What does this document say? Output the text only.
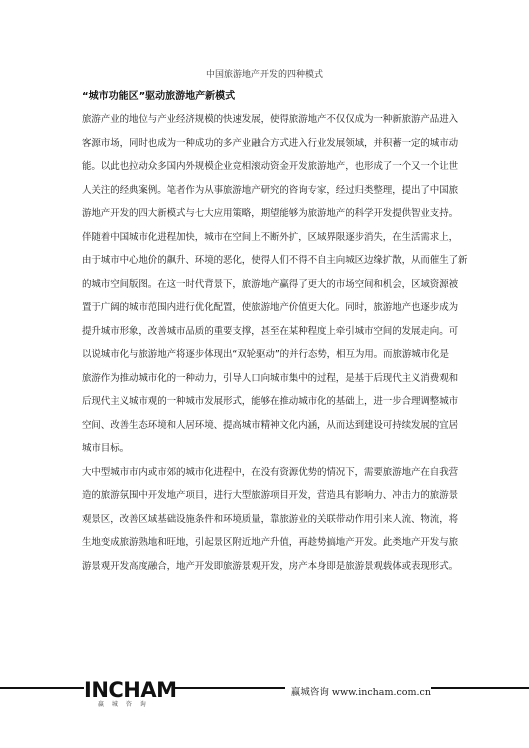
中国旅游地产开发的四种模式
“城市功能区”驱动旅游地产新模式

旅游产业的地位与产业经济规模的快速发展，使得旅游地产不仅仅成为一种新旅游产品进入
客源市场，同时也成为一种成功的多产业融合方式进入行业发展领域，并积蓄一定的城市动
能。以此也拉动众多国内外规模企业竞相滚动资金开发旅游地产，也形成了一个又一个让世
人关注的经典案例。笔者作为从事旅游地产研究的咨询专家，经过归类整理，提出了中国旅
游地产开发的四大新模式与七大应用策略，期望能够为旅游地产的科学开发提供智业支持。

伴随着中国城市化进程加快，城市在空间上不断外扩，区域界限逐步消失，在生活需求上，
由于城市中心地价的飙升、环境的恶化，使得人们不得不自主向城区边缘扩散，从而催生了新
的城市空间版图。在这一时代背景下，旅游地产赢得了更大的市场空间和机会，区域资源被
置于广阔的城市范围内进行优化配置，使旅游地产价值更大化。同时，旅游地产也逐步成为
提升城市形象，改善城市品质的重要支撑，甚至在某种程度上牵引城市空间的发展走向。可
以说城市化与旅游地产将逐步体现出“双轮驱动”的并行态势，相互为用。而旅游城市化是
旅游作为推动城市化的一种动力，引导人口向城市集中的过程，是基于后现代主义消费观和
后现代主义城市观的一种城市发展形式，能够在推动城市化的基础上，进一步合理调整城市
空间、改善生态环境和人居环境、提高城市精神文化内涵，从而达到建设可持续发展的宜居
城市目标。

大中型城市市内或市郊的城市化进程中，在没有资源优势的情况下，需要旅游地产在自我营
造的旅游氛围中开发地产项目，进行大型旅游项目开发，营造具有影响力、冲击力的旅游景
观景区，改善区域基础设施条件和环境质量，靠旅游业的关联带动作用引来人流、物流，将
生地变成旅游熟地和旺地，引起景区附近地产升值，再趁势搞地产开发。此类地产开发与旅
游景观开发高度融合，地产开发即旅游景观开发，房产本身即是旅游景观载体或表现形式。

INCHAM
赢 城 咨 询
赢城咨询 www.incham.com.cn
